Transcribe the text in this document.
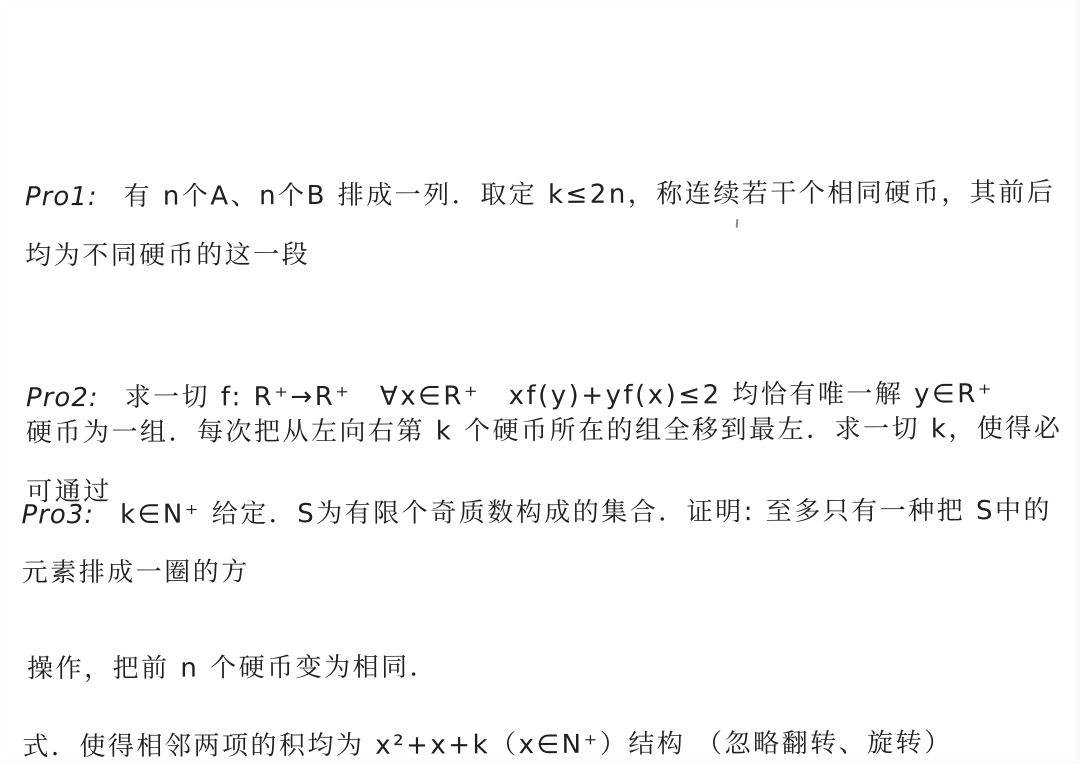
Pro1: 有 n个A、n个B 排成一列．取定 k≤2n，称连续若干个相同硬币，其前后均为不同硬币的这一段

硬币为一组．每次把从左向右第 k 个硬币所在的组全移到最左．求一切 k，使得必可通过

操作，把前 n 个硬币变为相同．

Pro2: 求一切 f: R⁺→R⁺　∀x∈R⁺　xf(y)+yf(x)≤2 均恰有唯一解 y∈R⁺

Pro3: k∈N⁺ 给定．S为有限个奇质数构成的集合．证明: 至多只有一种把 S中的元素排成一圈的方

式．使得相邻两项的积均为 x²+x+k（x∈N⁺）结构 （忽略翻转、旋转）
